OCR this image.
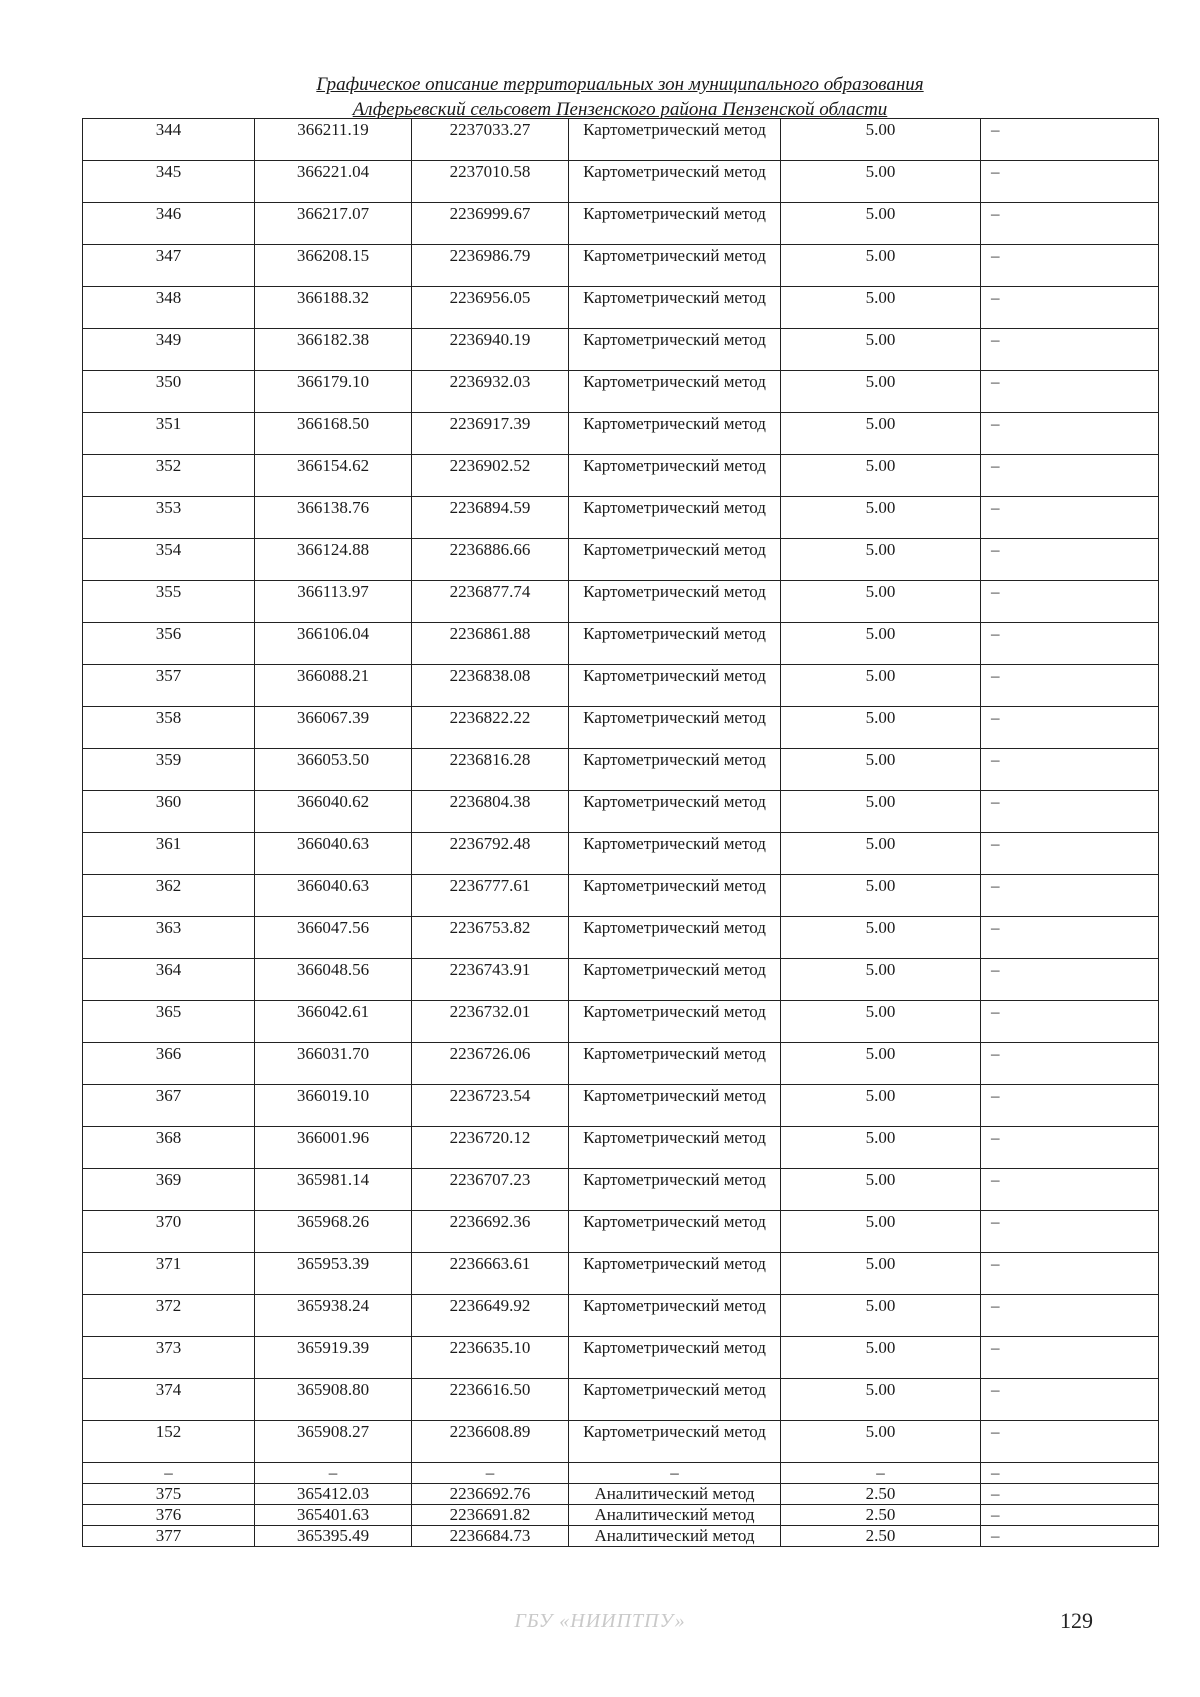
Графическое описание территориальных зон муниципального образования
Алферьевский сельсовет Пензенского района Пензенской области
344	366211.19	2237033.27	Картометрический метод	5.00	–
345	366221.04	2237010.58	Картометрический метод	5.00	–
346	366217.07	2236999.67	Картометрический метод	5.00	–
347	366208.15	2236986.79	Картометрический метод	5.00	–
348	366188.32	2236956.05	Картометрический метод	5.00	–
349	366182.38	2236940.19	Картометрический метод	5.00	–
350	366179.10	2236932.03	Картометрический метод	5.00	–
351	366168.50	2236917.39	Картометрический метод	5.00	–
352	366154.62	2236902.52	Картометрический метод	5.00	–
353	366138.76	2236894.59	Картометрический метод	5.00	–
354	366124.88	2236886.66	Картометрический метод	5.00	–
355	366113.97	2236877.74	Картометрический метод	5.00	–
356	366106.04	2236861.88	Картометрический метод	5.00	–
357	366088.21	2236838.08	Картометрический метод	5.00	–
358	366067.39	2236822.22	Картометрический метод	5.00	–
359	366053.50	2236816.28	Картометрический метод	5.00	–
360	366040.62	2236804.38	Картометрический метод	5.00	–
361	366040.63	2236792.48	Картометрический метод	5.00	–
362	366040.63	2236777.61	Картометрический метод	5.00	–
363	366047.56	2236753.82	Картометрический метод	5.00	–
364	366048.56	2236743.91	Картометрический метод	5.00	–
365	366042.61	2236732.01	Картометрический метод	5.00	–
366	366031.70	2236726.06	Картометрический метод	5.00	–
367	366019.10	2236723.54	Картометрический метод	5.00	–
368	366001.96	2236720.12	Картометрический метод	5.00	–
369	365981.14	2236707.23	Картометрический метод	5.00	–
370	365968.26	2236692.36	Картометрический метод	5.00	–
371	365953.39	2236663.61	Картометрический метод	5.00	–
372	365938.24	2236649.92	Картометрический метод	5.00	–
373	365919.39	2236635.10	Картометрический метод	5.00	–
374	365908.80	2236616.50	Картометрический метод	5.00	–
152	365908.27	2236608.89	Картометрический метод	5.00	–
–	–	–	–	–	–
375	365412.03	2236692.76	Аналитический метод	2.50	–
376	365401.63	2236691.82	Аналитический метод	2.50	–
377	365395.49	2236684.73	Аналитический метод	2.50	–
ГБУ «НИИПТПУ»	129
